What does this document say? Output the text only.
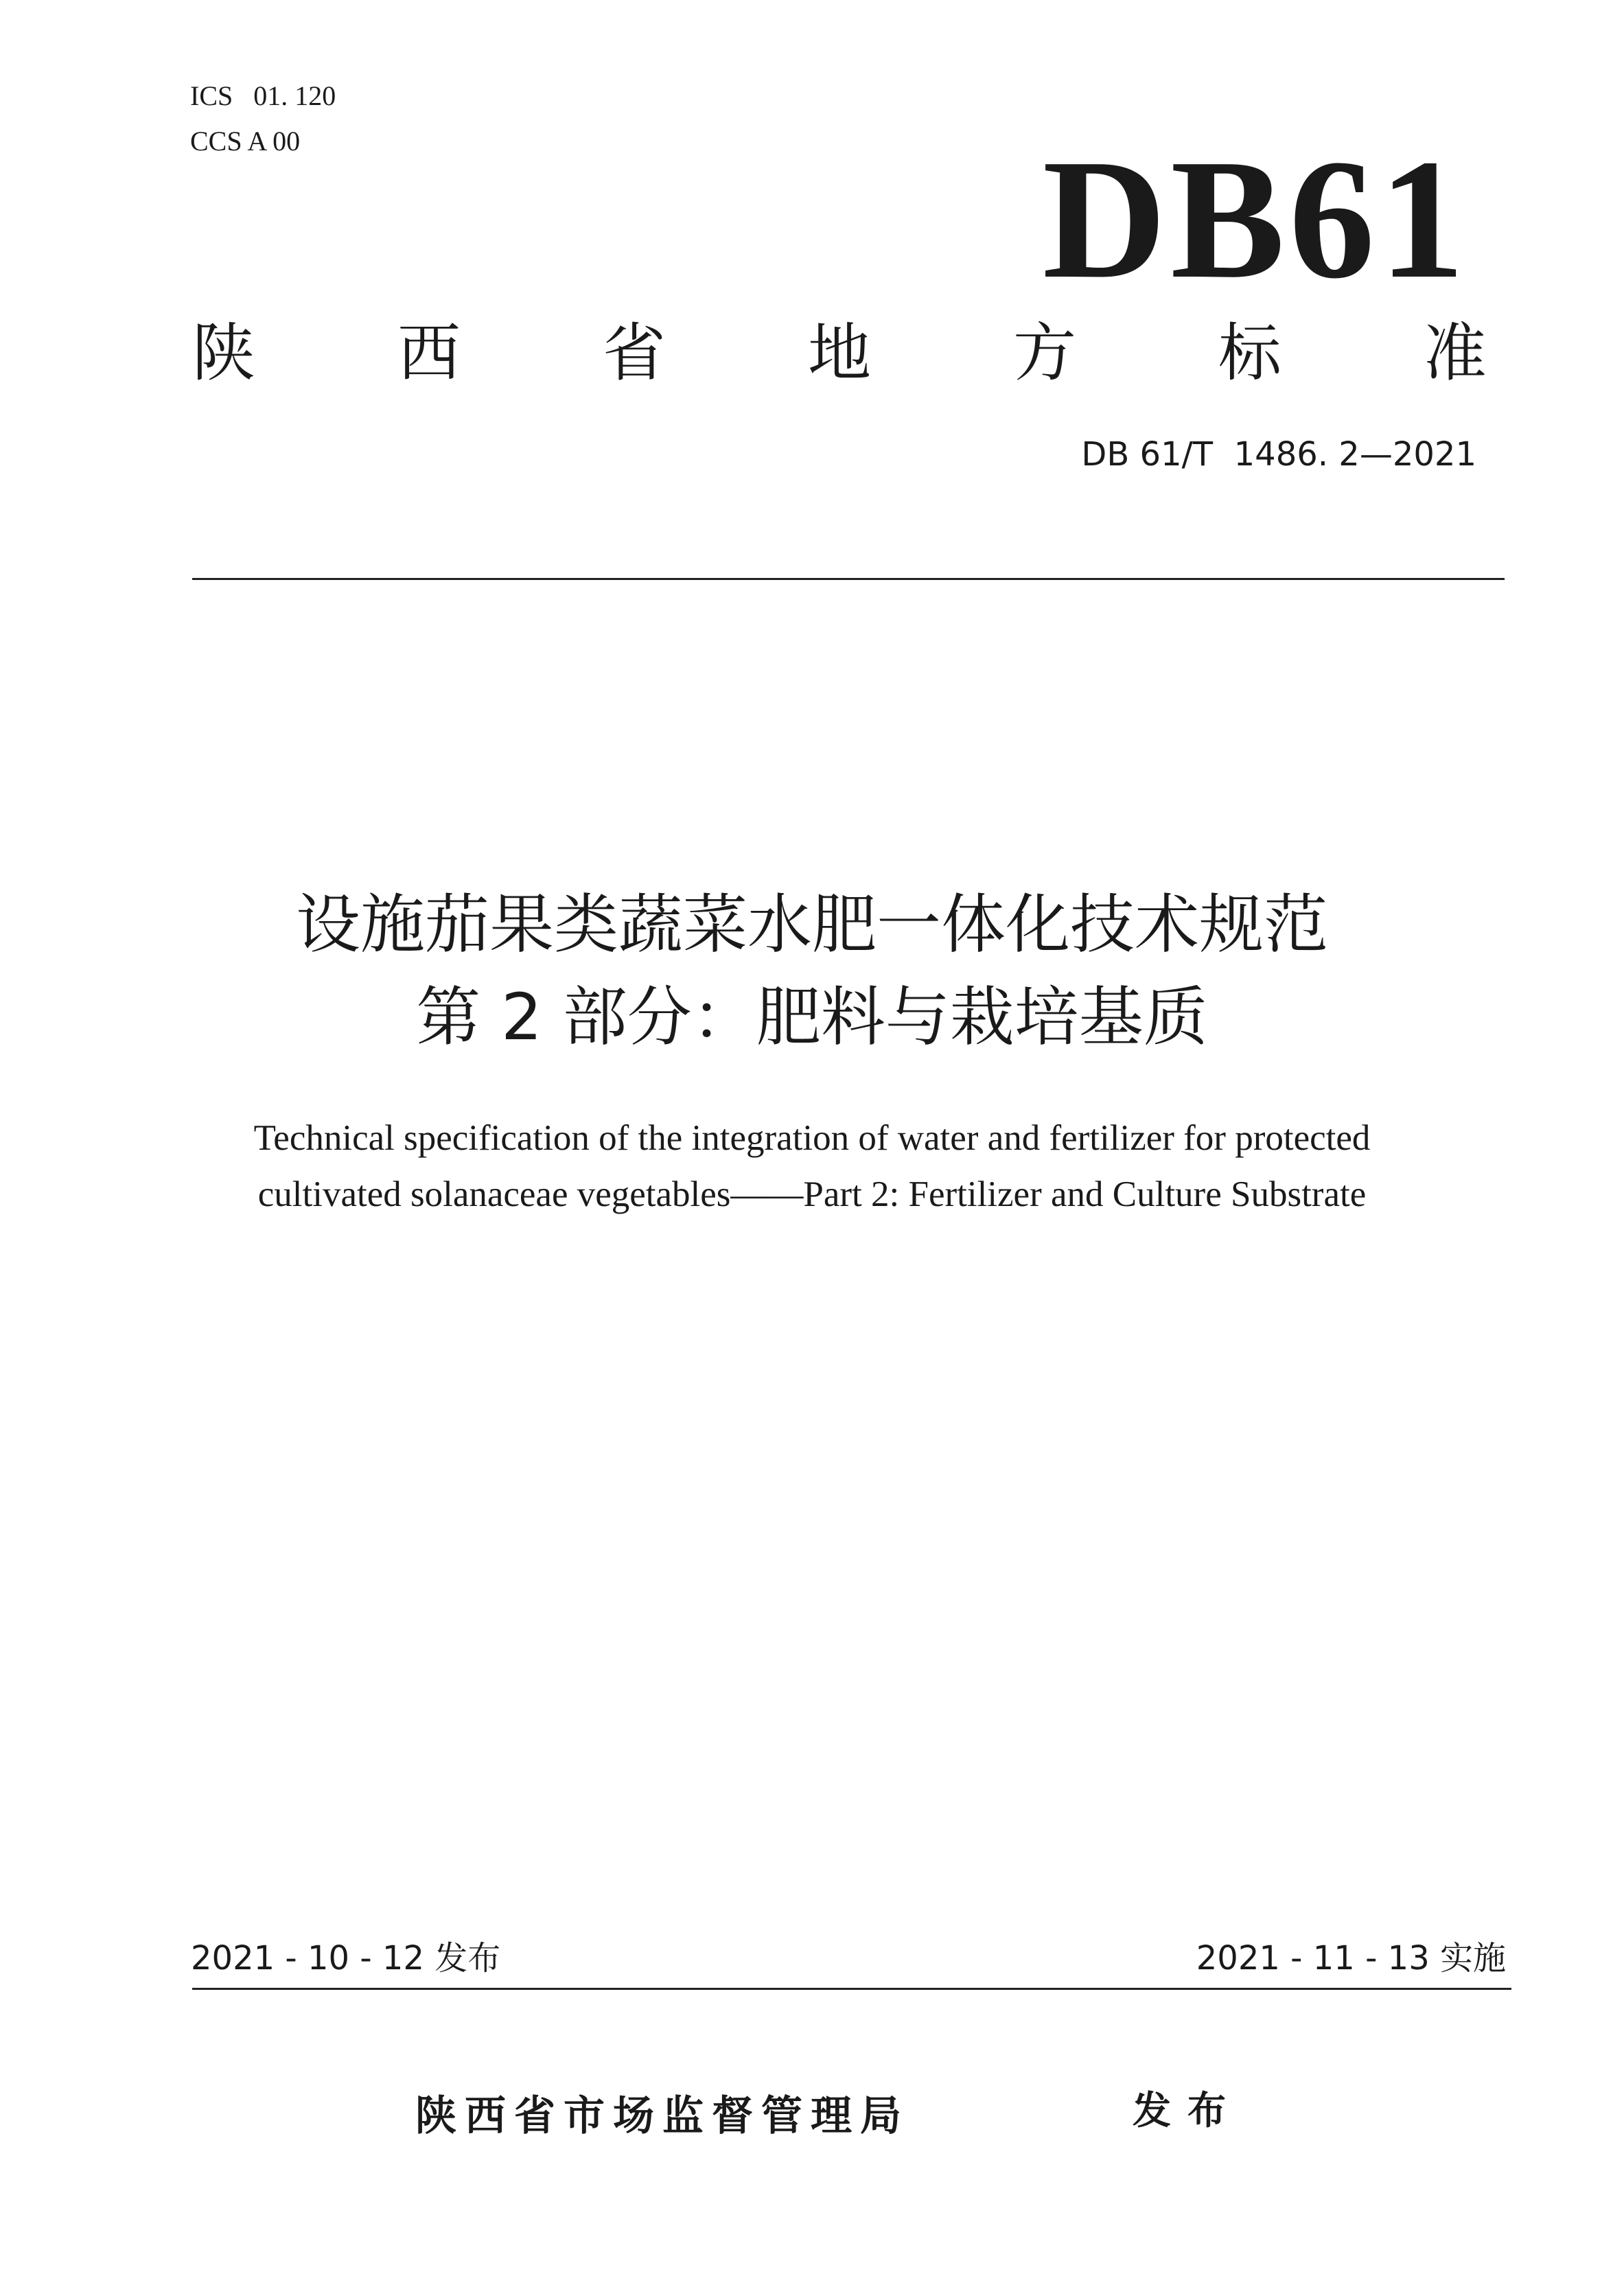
ICS   01. 120
CCS A 00	DB61
陕 西 省 地 方 标 准
DB 61/T  1486. 2—2021
设施茄果类蔬菜水肥一体化技术规范
第 2 部分：肥料与栽培基质
Technical specification of the integration of water and fertilizer for protected
cultivated solanaceae vegetables——Part 2: Fertilizer and Culture Substrate
2021 - 10 - 12 发布	2021 - 11 - 13 实施
陕西省市场监督管理局	发布
